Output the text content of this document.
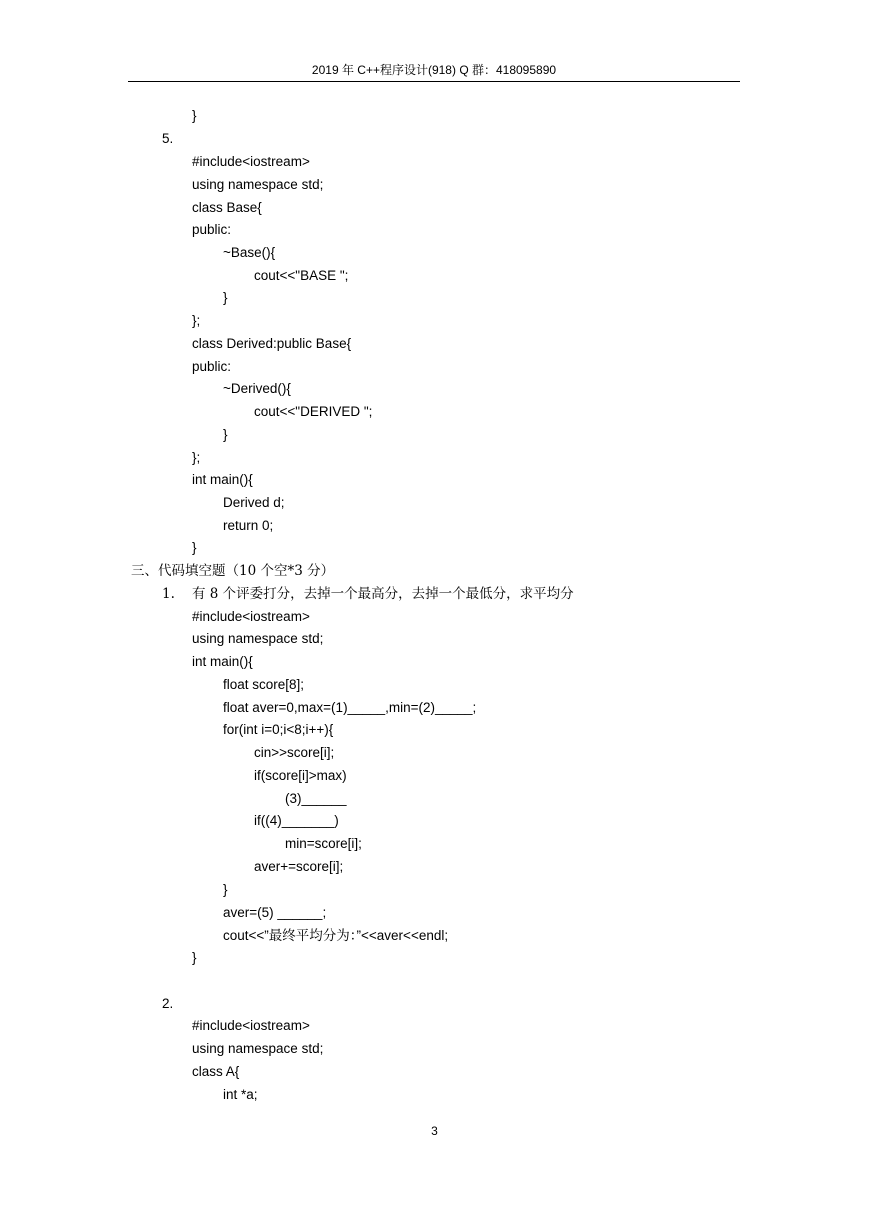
2019 年 C++程序设计(918) Q 群：418095890
}
5.
#include<iostream>
using namespace std;
class Base{
public:
~Base(){
cout<<"BASE ";
}
};
class Derived:public Base{
public:
~Derived(){
cout<<"DERIVED ";
}
};
int main(){
Derived d;
return 0;
}
三、代码填空题（10 个空*3 分）
1. 有 8 个评委打分，去掉一个最高分，去掉一个最低分，求平均分
#include<iostream>
using namespace std;
int main(){
float score[8];
float aver=0,max=(1)_____,min=(2)_____;
for(int i=0;i<8;i++){
cin>>score[i];
if(score[i]>max)
(3)______
if((4)_______)
min=score[i];
aver+=score[i];
}
aver=(5) ______;
cout<<”最终平均分为：”<<aver<<endl;
}
2.
#include<iostream>
using namespace std;
class A{
int *a;
3
